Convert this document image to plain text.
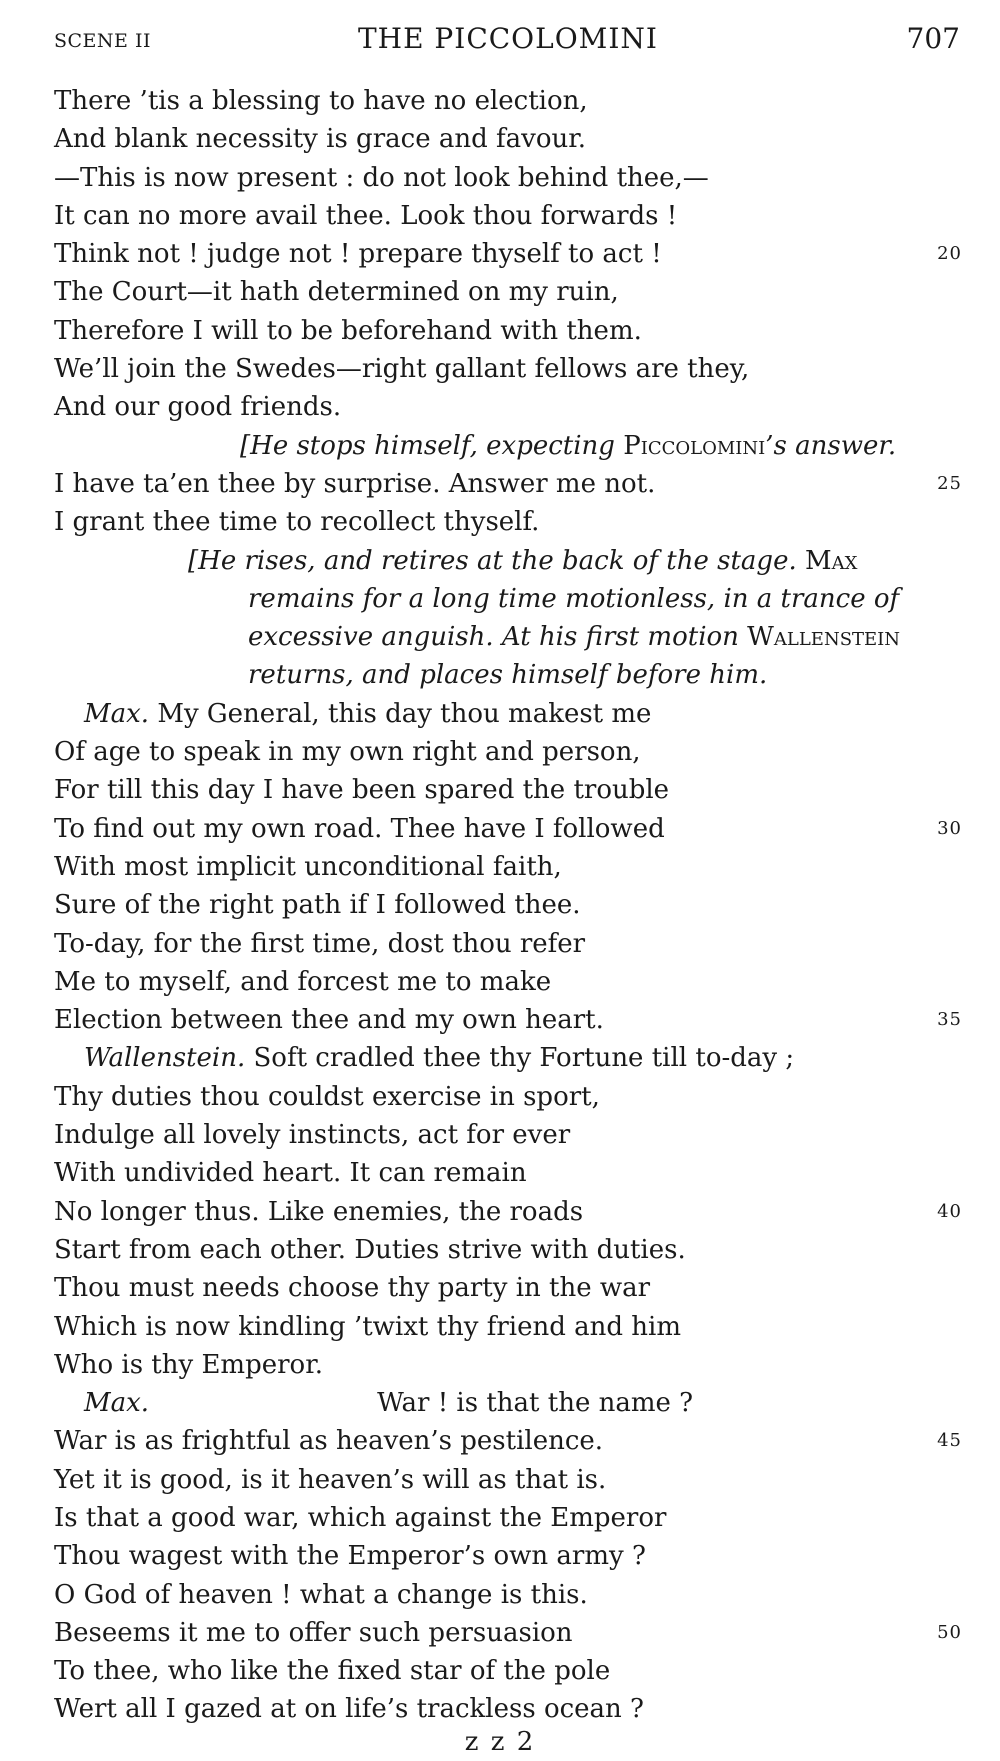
SCENE II	THE PICCOLOMINI	707
There ’tis a blessing to have no election,
And blank necessity is grace and favour.
—This is now present : do not look behind thee,—
It can no more avail thee. Look thou forwards !
Think not ! judge not ! prepare thyself to act !	20
The Court—it hath determined on my ruin,
Therefore I will to be beforehand with them.
We’ll join the Swedes—right gallant fellows are they,
And our good friends.
[He stops himself, expecting Piccolomini’s answer.
I have ta’en thee by surprise. Answer me not.	25
I grant thee time to recollect thyself.
[He rises, and retires at the back of the stage. Max
remains for a long time motionless, in a trance of
excessive anguish. At his first motion Wallenstein
returns, and places himself before him.
Max. My General, this day thou makest me
Of age to speak in my own right and person,
For till this day I have been spared the trouble
To find out my own road. Thee have I followed	30
With most implicit unconditional faith,
Sure of the right path if I followed thee.
To-day, for the first time, dost thou refer
Me to myself, and forcest me to make
Election between thee and my own heart.	35
Wallenstein. Soft cradled thee thy Fortune till to-day ;
Thy duties thou couldst exercise in sport,
Indulge all lovely instincts, act for ever
With undivided heart. It can remain
No longer thus. Like enemies, the roads	40
Start from each other. Duties strive with duties.
Thou must needs choose thy party in the war
Which is now kindling ’twixt thy friend and him
Who is thy Emperor.
Max.	War ! is that the name ?
War is as frightful as heaven’s pestilence.	45
Yet it is good, is it heaven’s will as that is.
Is that a good war, which against the Emperor
Thou wagest with the Emperor’s own army ?
O God of heaven ! what a change is this.
Beseems it me to offer such persuasion	50
To thee, who like the fixed star of the pole
Wert all I gazed at on life’s trackless ocean ?
z z 2
